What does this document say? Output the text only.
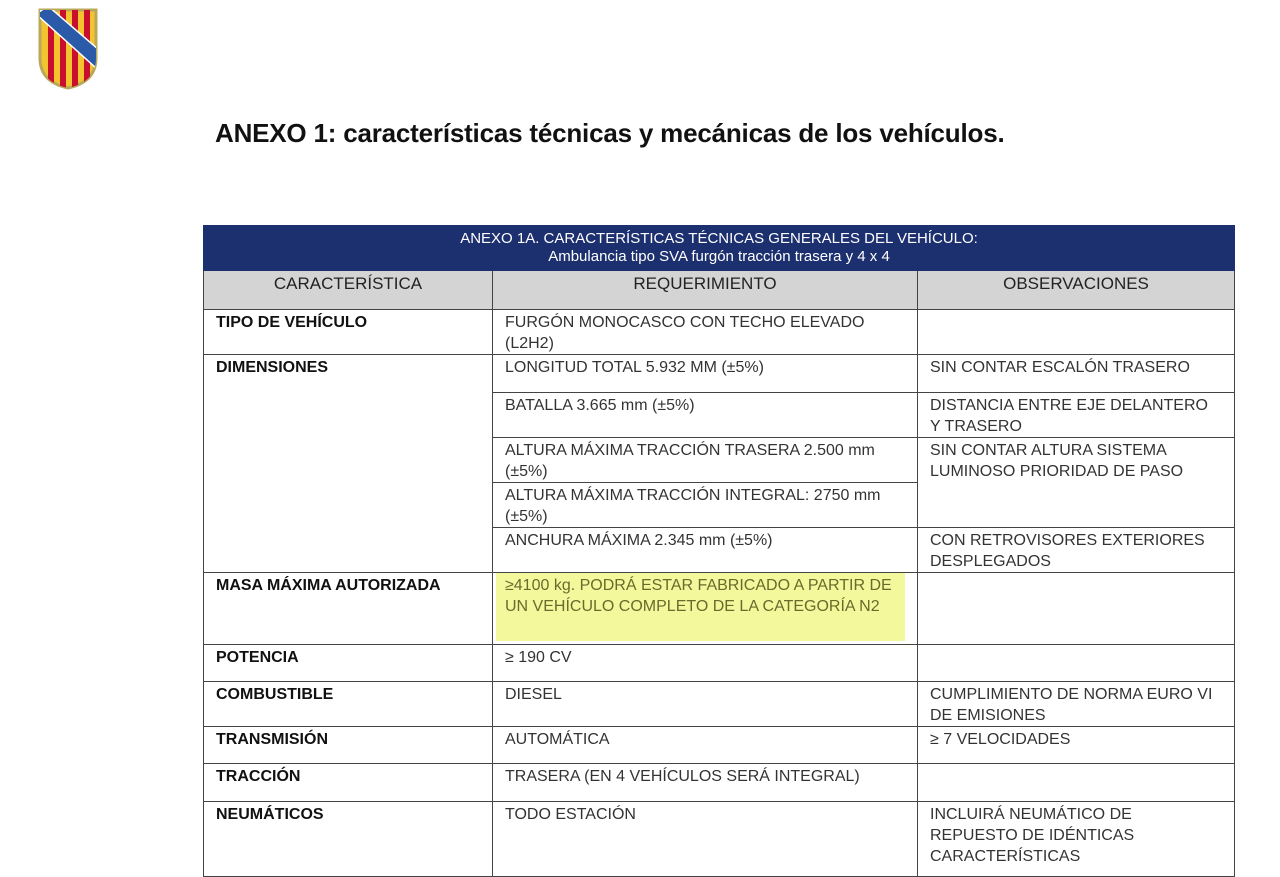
ANEXO 1: características técnicas y mecánicas de los vehículos.
ANEXO 1A. CARACTERÍSTICAS TÉCNICAS GENERALES DEL VEHÍCULO:
Ambulancia tipo SVA furgón tracción trasera y 4 x 4		

CARACTERÍSTICA	REQUERIMIENTO	OBSERVACIONES
TIPO DE VEHÍCULO	FURGÓN MONOCASCO CON TECHO ELEVADO (L2H2)	
DIMENSIONES	LONGITUD TOTAL 5.932 MM (±5%)	SIN CONTAR ESCALÓN TRASERO
	BATALLA 3.665 mm (±5%)	DISTANCIA ENTRE EJE DELANTERO Y TRASERO
	ALTURA MÁXIMA TRACCIÓN TRASERA 2.500 mm (±5%)	SIN CONTAR ALTURA SISTEMA LUMINOSO PRIORIDAD DE PASO
	ALTURA MÁXIMA TRACCIÓN INTEGRAL: 2750 mm (±5%)	
	ANCHURA MÁXIMA 2.345 mm (±5%)	CON RETROVISORES EXTERIORES DESPLEGADOS
MASA MÁXIMA AUTORIZADA	≥4100 kg. PODRÁ ESTAR FABRICADO A PARTIR DE UN VEHÍCULO COMPLETO DE LA CATEGORÍA N2	

POTENCIA	≥ 190 CV	
COMBUSTIBLE	DIESEL	CUMPLIMIENTO DE NORMA EURO VI DE EMISIONES
TRANSMISIÓN	AUTOMÁTICA	≥ 7 VELOCIDADES
TRACCIÓN	TRASERA (EN 4 VEHÍCULOS SERÁ INTEGRAL)	
NEUMÁTICOS	TODO ESTACIÓN	INCLUIRÁ NEUMÁTICO DE REPUESTO DE IDÉNTICAS CARACTERÍSTICAS
